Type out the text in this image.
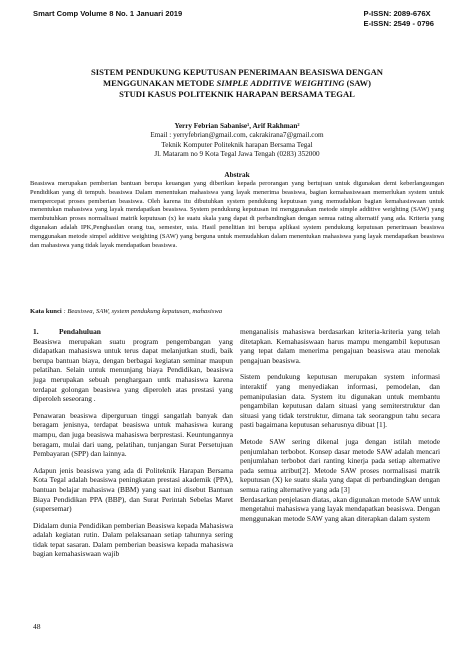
Smart Comp Volume 8 No. 1 Januari 2019	P-ISSN: 2089-676X
E-ISSN: 2549 - 0796
SISTEM PENDUKUNG KEPUTUSAN PENERIMAAN BEASISWA DENGAN
MENGGUNAKAN METODE SIMPLE ADDITIVE WEIGHTING (SAW)
STUDI KASUS POLITEKNIK HARAPAN BERSAMA TEGAL
Yerry Febrian Sabanise¹, Arif Rakhman²
Email : yerryfebrian@gmail.com, cakrakirana7@gmail.com
Teknik Komputer Politeknik harapan Bersama Tegal
Jl. Mataram no 9 Kota Tegal Jawa Tengah (0283) 352000
Abstrak
Beasiswa merupakan pemberian bantuan berupa keuangan yang diberikan kepada perorangan yang bertujuan untuk digunakan demi keberlangsungan Pendidikan yang di tempuh. beasiswa Dalam menentukan mahasiswa yang layak menerima beasiswa, bagian kemahasiswaan memerlukan system untuk mempercepat proses pemberian beasiswa. Oleh karena itu dibutuhkan system pendukung keputusan yang memudahkan bagian kemahasiswaan untuk menentukan mahasiswa yang layak mendapatkan beasiswa. System pendukung keputusan ini menggunakan metode simple additive weighting (SAW) yang membutuhkan proses normalisasi matrik keputusan (x) ke suatu skala yang dapat di perbandingkan dengan semua rating alternatif yang ada. Kriteria yang digunakan adalah IPK,Penghasilan orang tua, semester, usia. Hasil penelitian ini berupa aplikasi system pendukung keputusan penerimaan beasiswa menggunakan metode simpel additive weighting (SAW) yang berguna untuk memudahkan dalam menentukan mahasiswa yang layak mendapatkan beasiswa dan mahasiswa yang tidak layak mendapatkan beasiswa.
Kata kunci : Beasiswa, SAW, system pendukung keputusan, mahasiswa
1.	Pendahuluan

Beasiswa merupakan suatu program pengembangan yang didapatkan mahasiswa untuk terus dapat melanjutkan studi, baik berupa bantuan biaya, dengan berbagai kegiatan seminar maupun pelatihan. Selain untuk menunjang biaya Pendidikan, beasiswa juga merupakan sebuah penghargaan untk mahasiswa karena terdapat golongan beasiswa yang diperoleh atas prestasi yang diperoleh seseorang .

Penawaran beasiswa diperguruan tinggi sangatlah banyak dan beragam jenisnya, terdapat beasiswa untuk mahasiswa kurang mampu, dan juga beasiswa mahasiswa berprestasi. Keuntungannya beragam, mulai dari uang, pelatihan, tunjangan Surat Persetujuan Pembayaran (SPP) dan lainnya.

Adapun jenis beasiswa yang ada di Politeknik Harapan Bersama Kota Tegal adalah beasiswa peningkatan prestasi akademik (PPA), bantuan belajar mahasiswa (BBM) yang saat ini disebut Bantuan Biaya Pendidikan PPA (BBP), dan Surat Perintah Sebelas Maret (supersemar)

Didalam dunia Pendidikan pemberian Beasiswa kepada Mahasiswa adalah kegiatan rutin. Dalam pelaksanaan setiap tahunnya sering tidak tepat sasaran. Dalam pemberian beasiswa kepada mahasiswa bagian kemahasiswaan wajib

menganalisis mahasiswa berdasarkan kriteria-kriteria yang telah ditetapkan. Kemahasiswaan harus mampu mengambil keputusan yang tepat dalam menerima pengajuan beasiswa atau menolak pengajuan beasiswa.

Sistem pendukung keputusan merupakan system informasi interaktif yang menyediakan informasi, pemodelan, dan pemanipulasian data. System itu digunakan untuk membantu pengambilan keputusan dalam situasi yang semiterstruktur dan situasi yang tidak terstruktur, dimana tak seorangpun tahu secara pasti bagaimana keputusan seharusnya dibuat [1].

Metode SAW sering dikenal juga dengan istilah metode penjumlahan terbobot. Konsep dasar metode SAW adalah mencari penjumlahan terbobot dari ranting kinerja pada setiap alternative pada semua atribut[2]. Metode SAW proses normalisasi matrik keputusan (X) ke suatu skala yang dapat di perbandingkan dengan semua rating alternative yang ada [3]

Berdasarkan penjelasan diatas, akan digunakan metode SAW untuk mengetahui mahasiswa yang layak mendapatkan beasiswa. Dengan menggunakan metode SAW yang akan diterapkan dalam system

48
